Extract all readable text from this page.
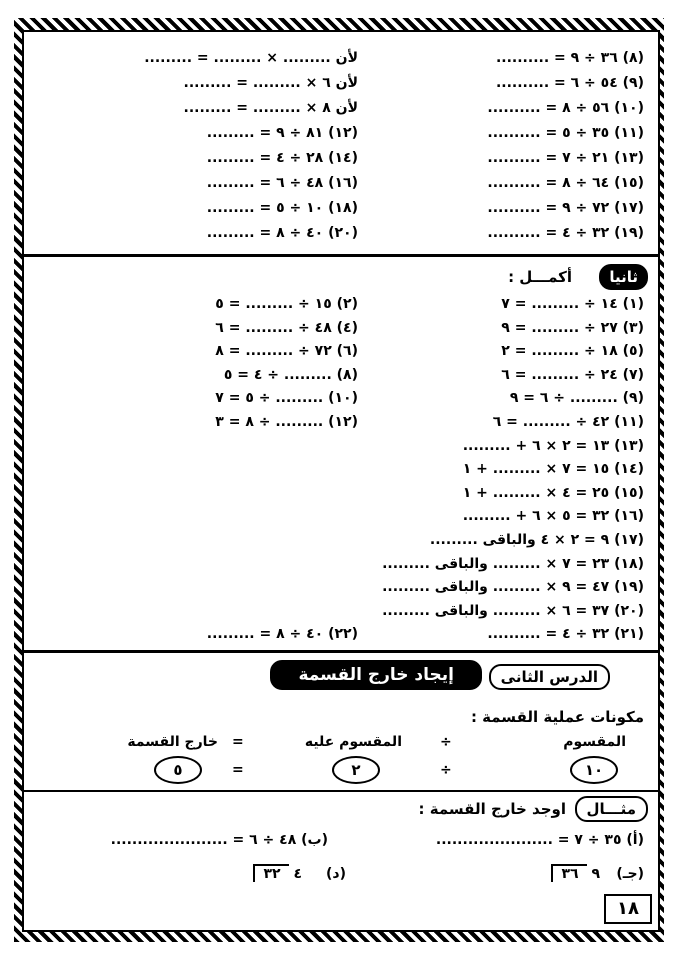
(٨) ٣٦ ÷ ٩ = ..........
لأن ......... × ......... = .........
(٩) ٥٤ ÷ ٦ = ..........
لأن ٦ × ......... = .........
(١٠) ٥٦ ÷ ٨ = ..........
لأن ٨ × ......... = .........
(١١) ٣٥ ÷ ٥ = ..........
(١٢) ٨١ ÷ ٩ = .........
(١٣) ٢١ ÷ ٧ = ..........
(١٤) ٢٨ ÷ ٤ = .........
(١٥) ٦٤ ÷ ٨ = ..........
(١٦) ٤٨ ÷ ٦ = .........
(١٧) ٧٢ ÷ ٩ = ..........
(١٨) ١٠ ÷ ٥ = .........
(١٩) ٣٢ ÷ ٤ = ..........
(٢٠) ٤٠ ÷ ٨ = .........
ثانيا
أكمـــل :
(١) ١٤ ÷ ......... = ٧
(٢) ١٥ ÷ ......... = ٥
(٣) ٢٧ ÷ ......... = ٩
(٤) ٤٨ ÷ ......... = ٦
(٥) ١٨ ÷ ......... = ٢
(٦) ٧٢ ÷ ......... = ٨
(٧) ٢٤ ÷ ......... = ٦
(٨) ......... ÷ ٤ = ٥
(٩) ......... ÷ ٦ = ٩
(١٠) ......... ÷ ٥ = ٧
(١١) ٤٢ ÷ ......... = ٦
(١٢) ......... ÷ ٨ = ٣
(١٣) ١٣ = ٢ × ٦ + .........
(١٤) ١٥ = ٧ × ......... + ١
(١٥) ٢٥ = ٤ × ......... + ١
(١٦) ٣٢ = ٥ × ٦ + .........
(١٧) ٩ = ٢ × ٤ والباقى .........
(١٨) ٢٣ = ٧ × ......... والباقى .........
(١٩) ٤٧ = ٩ × ......... والباقى .........
(٢٠) ٣٧ = ٦ × ......... والباقى .........
(٢١) ٣٢ ÷ ٤ = ..........
(٢٢) ٤٠ ÷ ٨ = .........
الدرس الثانى
إيجاد خارج القسمة
مكونات عملية القسمة :
المقسوم
÷
المقسوم عليه
=
خارج القسمة
١٠
÷
٢
=
٥
مثـــال
اوجد خارج القسمة :
(أ) ٣٥ ÷ ٧ = ......................
(ب) ٤٨ ÷ ٦ = ......................
(جـ)
٩ ٣٦
(د)
٤ ٣٢
١٨
